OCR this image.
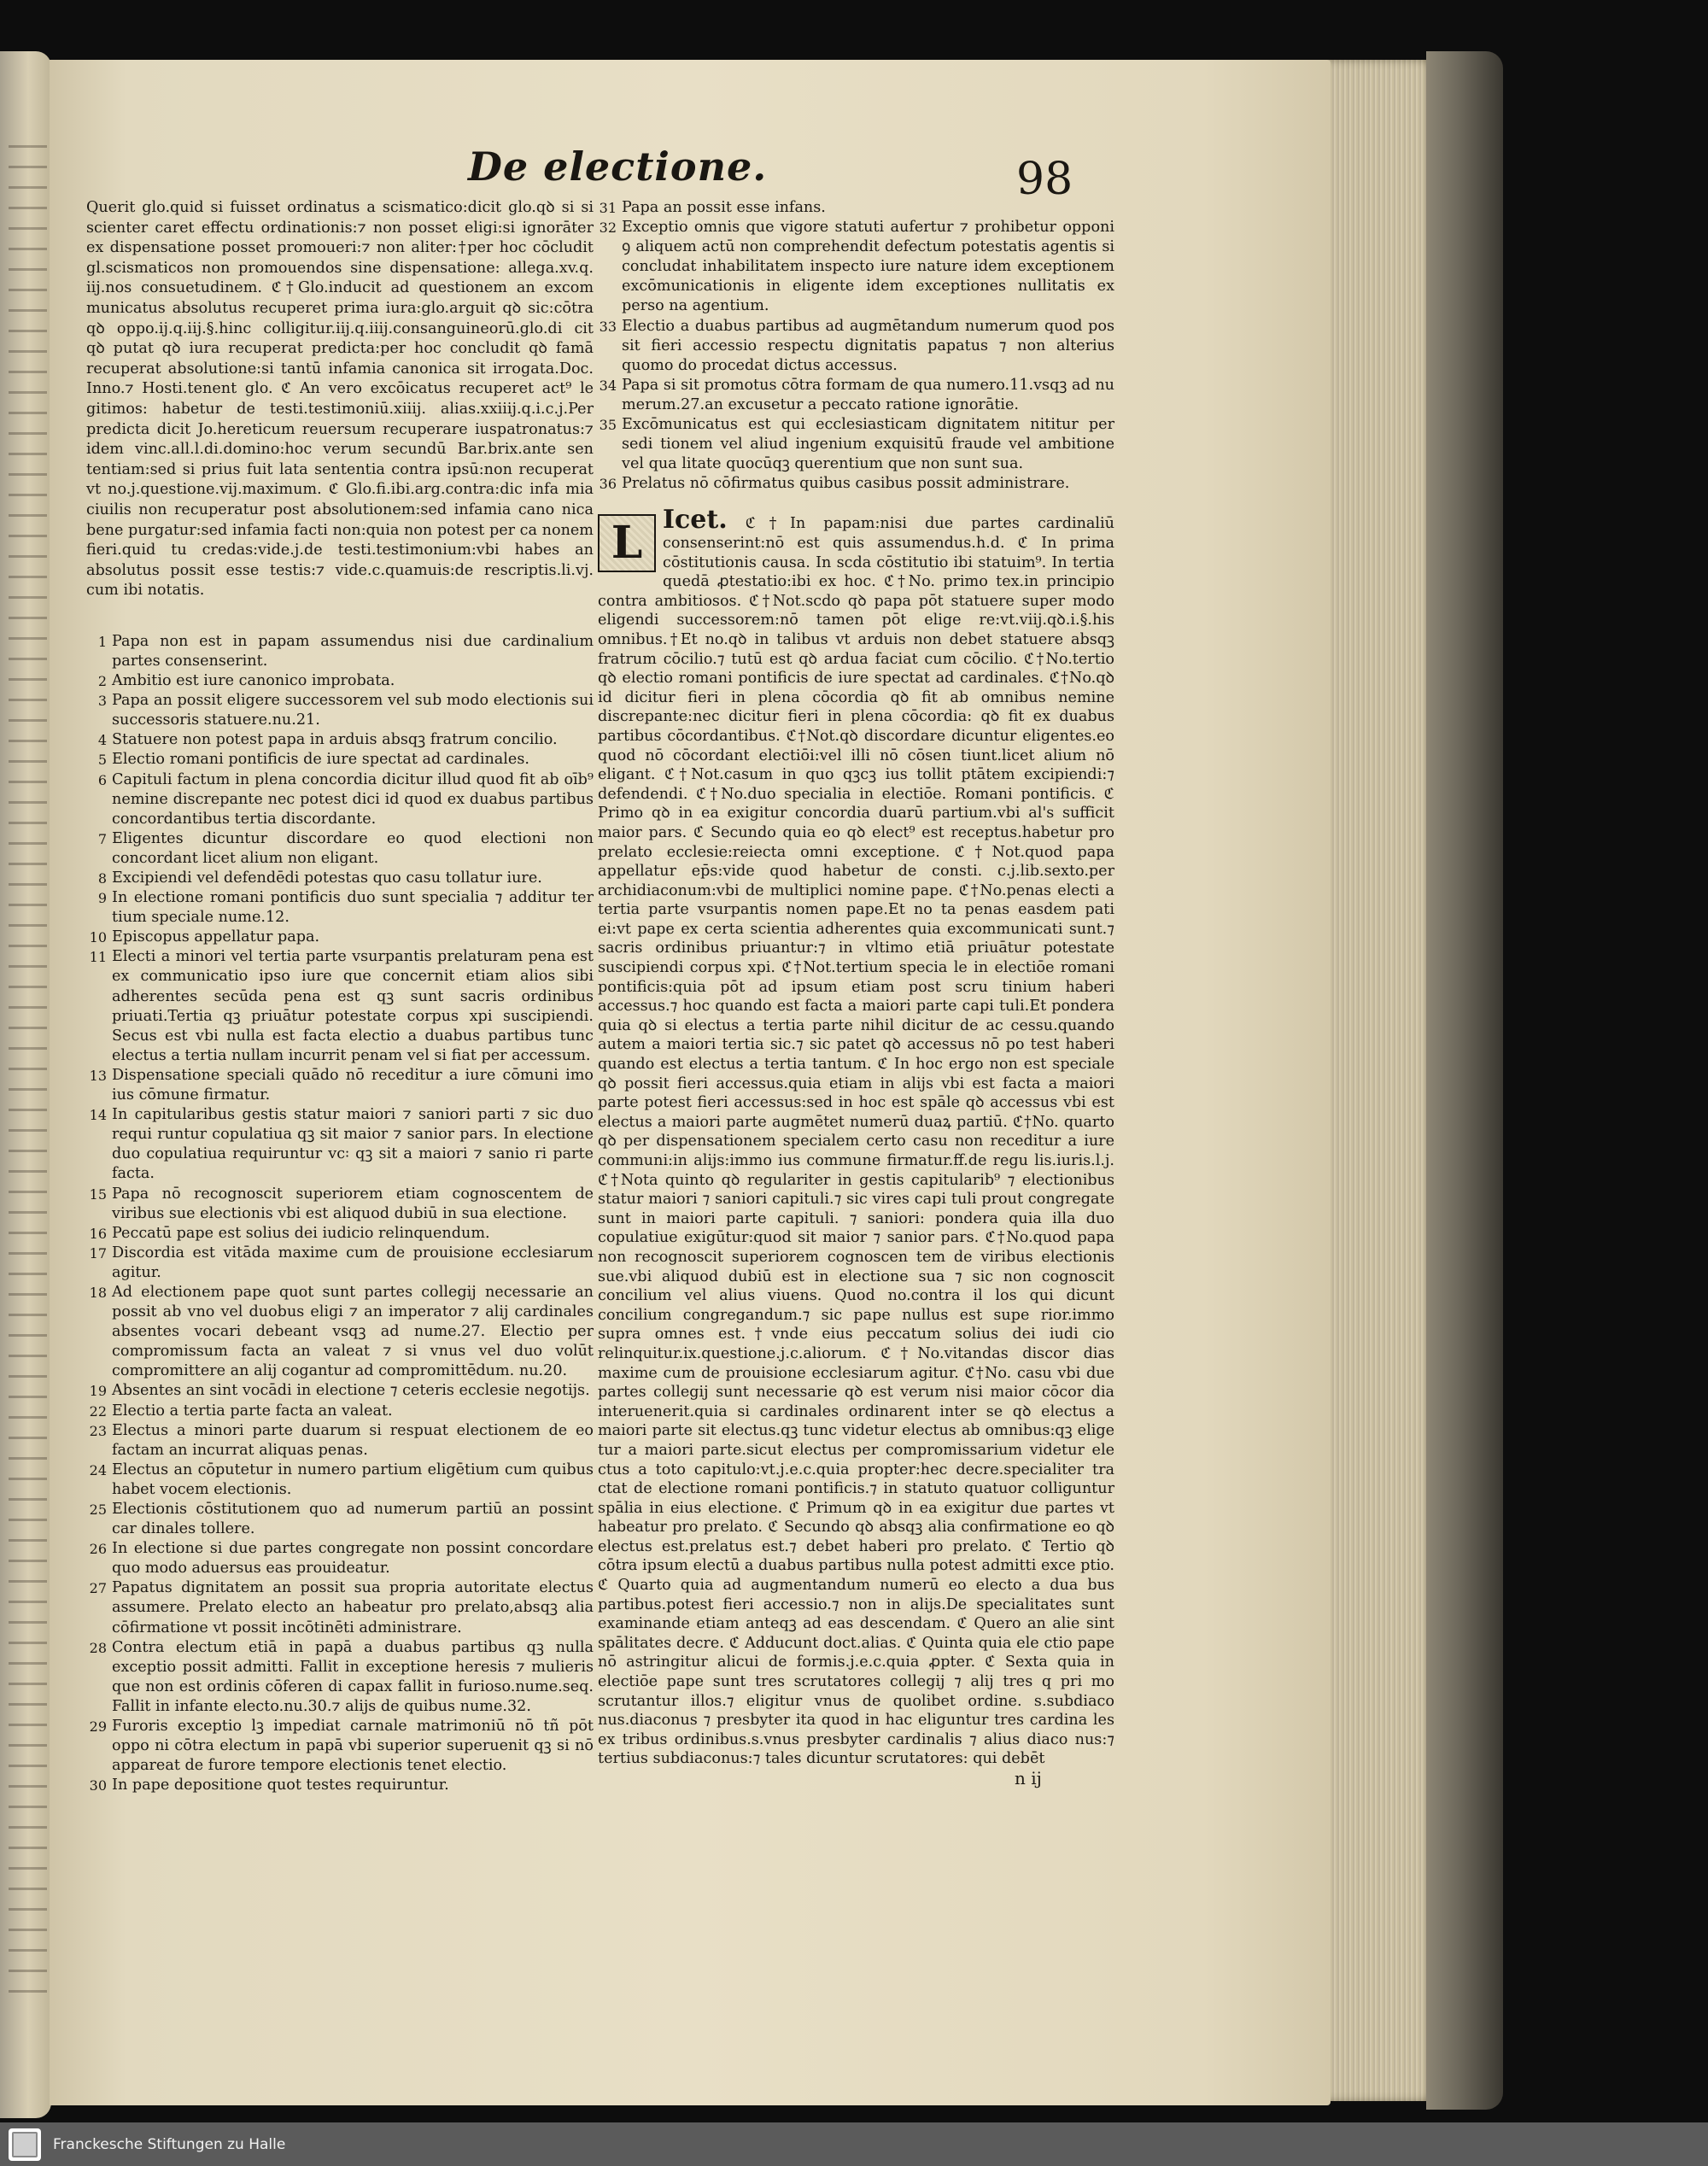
De electione.	98

Querit glo.quid si fuisset ordinatus a scismatico:dicit glo.qꝺ si si scienter caret effectu ordinationis:⁊ non posset eligi:si ignorāter ex dispensatione posset promoueri:⁊ non aliter:†per hoc cōcludit gl.scismaticos non promouendos sine dispensatione: allega.xv.q. iij.nos consuetudinem. ℭ†Glo.inducit ad questionem an excom municatus absolutus recuperet prima iura:glo.arguit qꝺ sic:cōtra qꝺ oppo.ij.q.iij.§.hinc colligitur.iij.q.iiij.consanguineorū.glo.di cit qꝺ putat qꝺ iura recuperat predicta:per hoc concludit qꝺ famā recuperat absolutione:si tantū infamia canonica sit irrogata.Doc. Inno.⁊ Hosti.tenent glo. ℭ An vero excōicatus recuperet act⁹ le gitimos: habetur de testi.testimoniū.xiiij. alias.xxiiij.q.i.c.j.Per predicta dicit Jo.hereticum reuersum recuperare iuspatronatus:⁊ idem vinc.all.l.di.domino:hoc verum secundū Bar.brix.ante sen tentiam:sed si prius fuit lata sententia contra ipsū:non recuperat vt no.j.questione.vij.maximum. ℭ Glo.fi.ibi.arg.contra:dic infa mia ciuilis non recuperatur post absolutionem:sed infamia cano nica bene purgatur:sed infamia facti non:quia non potest per ca nonem fieri.quid tu credas:vide.j.de testi.testimonium:vbi habes an absolutus possit esse testis:⁊ vide.c.quamuis:de rescriptis.li.vj. cum ibi notatis.

1 Papa non est in papam assumendus nisi due cardinalium partes consenserint.
2 Ambitio est iure canonico improbata.
3 Papa an possit eligere successorem vel sub modo electionis sui successoris statuere.nu.21.
4 Statuere non potest papa in arduis absqꝫ fratrum concilio.
5 Electio romani pontificis de iure spectat ad cardinales.
6 Capituli factum in plena concordia dicitur illud quod fit ab oīb⁹ nemine discrepante nec potest dici id quod ex duabus partibus concordantibus tertia discordante.
7 Eligentes dicuntur discordare eo quod electioni non concordant licet alium non eligant.
8 Excipiendi vel defendēdi potestas quo casu tollatur iure.
9 In electione romani pontificis duo sunt specialia ⁊ additur ter tium speciale nume.12.
10 Episcopus appellatur papa.
11 Electi a minori vel tertia parte vsurpantis prelaturam pena est ex communicatio ipso iure que concernit etiam alios sibi adherentes secūda pena est qꝫ sunt sacris ordinibus priuati.Tertia qꝫ priuātur potestate corpus xpi suscipiendi. Secus est vbi nulla est facta electio a duabus partibus tunc electus a tertia nullam incurrit penam vel si fiat per accessum.
13 Dispensatione speciali quādo nō receditur a iure cōmuni imo ius cōmune firmatur.
14 In capitularibus gestis statur maiori ⁊ saniori parti ⁊ sic duo requi runtur copulatiua qꝫ sit maior ⁊ sanior pars. In electione duo copulatiua requiruntur vc꞉ qꝫ sit a maiori ⁊ sanio ri parte facta.
15 Papa nō recognoscit superiorem etiam cognoscentem de viribus sue electionis vbi est aliquod dubiū in sua electione.
16 Peccatū pape est solius dei iudicio relinquendum.
17 Discordia est vitāda maxime cum de prouisione ecclesiarum agitur.
18 Ad electionem pape quot sunt partes collegij necessarie an possit ab vno vel duobus eligi ⁊ an imperator ⁊ alij cardinales absentes vocari debeant vsqꝫ ad nume.27. Electio per compromissum facta an valeat ⁊ si vnus vel duo volūt compromittere an alij cogantur ad compromittēdum. nu.20.
19 Absentes an sint vocādi in electione ⁊ ceteris ecclesie negotijs.
22 Electio a tertia parte facta an valeat.
23 Electus a minori parte duarum si respuat electionem de eo factam an incurrat aliquas penas.
24 Electus an cōputetur in numero partium eligētium cum quibus habet vocem electionis.
25 Electionis cōstitutionem quo ad numerum partiū an possint car dinales tollere.
26 In electione si due partes congregate non possint concordare quo modo aduersus eas prouideatur.
27 Papatus dignitatem an possit sua propria autoritate electus assumere. Prelato electo an habeatur pro prelato,absqꝫ alia cōfirmatione vt possit incōtinēti administrare.
28 Contra electum etiā in papā a duabus partibus qꝫ nulla exceptio possit admitti. Fallit in exceptione heresis ⁊ mulieris que non est ordinis cōferen di capax fallit in furioso.nume.seq. Fallit in infante electo.nu.30.⁊ alijs de quibus nume.32.
29 Furoris exceptio lꝫ impediat carnale matrimoniū nō tñ pōt oppo ni cōtra electum in papā vbi superior superuenit qꝫ si nō appareat de furore tempore electionis tenet electio.
30 In pape depositione quot testes requiruntur.
31 Papa an possit esse infans.
32 Exceptio omnis que vigore statuti aufertur ⁊ prohibetur opponi ꝯ aliquem actū non comprehendit defectum potestatis agentis si concludat inhabilitatem inspecto iure nature idem exceptionem excōmunicationis in eligente idem exceptiones nullitatis ex perso na agentium.
33 Electio a duabus partibus ad augmētandum numerum quod pos sit fieri accessio respectu dignitatis papatus ⁊ non alterius quomo do procedat dictus accessus.
34 Papa si sit promotus cōtra formam de qua numero.11.vsqꝫ ad nu merum.27.an excusetur a peccato ratione ignorātie.
35 Excōmunicatus est qui ecclesiasticam dignitatem nititur per sedi tionem vel aliud ingenium exquisitū fraude vel ambitione vel qua litate quocūqꝫ querentium que non sunt sua.
36 Prelatus nō cōfirmatus quibus casibus possit administrare.
L Icet. ℭ†In papam:nisi due partes cardinaliū consenserint:nō est quis assumendus.h.d. ℭ In prima cōstitutionis causa. In scda cōstitutio ibi statuim⁹. In tertia quedā ꝓtestatio:ibi ex hoc. ℭ†No. primo tex.in principio contra ambitiosos. ℭ†Not.scdo qꝺ papa pōt statuere super modo eligendi successorem:nō tamen pōt elige re:vt.viij.qꝺ.i.§.his omnibus.†Et no.qꝺ in talibus vt arduis non debet statuere absqꝫ fratrum cōcilio.⁊ tutū est qꝺ ardua faciat cum cōcilio. ℭ†No.tertio qꝺ electio romani pontificis de iure spectat ad cardinales. ℭ†No.qꝺ id dicitur fieri in plena cōcordia qꝺ fit ab omnibus nemine discrepante:nec dicitur fieri in plena cōcordia: qꝺ fit ex duabus partibus cōcordantibus. ℭ†Not.qꝺ discordare dicuntur eligentes.eo quod nō cōcordant electiōi:vel illi nō cōsen tiunt.licet alium nō eligant. ℭ†Not.casum in quo qꝫcꝫ ius tollit ptātem excipiendi:⁊ defendendi. ℭ†No.duo specialia in electiōe. Romani pontificis. ℭ Primo qꝺ in ea exigitur concordia duarū partium.vbi al's sufficit maior pars. ℭ Secundo quia eo qꝺ elect⁹ est receptus.habetur pro prelato ecclesie:reiecta omni exceptione. ℭ†Not.quod papa appellatur ep̄s:vide quod habetur de consti. c.j.lib.sexto.per archidiaconum:vbi de multiplici nomine pape. ℭ†No.penas electi a tertia parte vsurpantis nomen pape.Et no ta penas easdem pati ei:vt pape ex certa scientia adherentes quia excommunicati sunt.⁊ sacris ordinibus priuantur:⁊ in vltimo etiā priuātur potestate suscipiendi corpus xpi. ℭ†Not.tertium specia le in electiōe romani pontificis:quia pōt ad ipsum etiam post scru tinium haberi accessus.⁊ hoc quando est facta a maiori parte capi tuli.Et pondera quia qꝺ si electus a tertia parte nihil dicitur de ac cessu.quando autem a maiori tertia sic.⁊ sic patet qꝺ accessus nō po test haberi quando est electus a tertia tantum. ℭ In hoc ergo non est speciale qꝺ possit fieri accessus.quia etiam in alijs vbi est facta a maiori parte potest fieri accessus:sed in hoc est spāle qꝺ accessus vbi est electus a maiori parte augmētet numerū duaꝝ partiū. ℭ†No. quarto qꝺ per dispensationem specialem certo casu non receditur a iure communi:in alijs:immo ius commune firmatur.ff.de regu lis.iuris.l.j. ℭ†Nota quinto qꝺ regulariter in gestis capitularib⁹ ⁊ electionibus statur maiori ⁊ saniori capituli.⁊ sic vires capi tuli prout congregate sunt in maiori parte capituli. ⁊ saniori: pondera quia illa duo copulatiue exigūtur:quod sit maior ⁊ sanior pars. ℭ†No.quod papa non recognoscit superiorem cognoscen tem de viribus electionis sue.vbi aliquod dubiū est in electione sua ⁊ sic non cognoscit concilium vel alius viuens. Quod no.contra il los qui dicunt concilium congregandum.⁊ sic pape nullus est supe rior.immo supra omnes est.†vnde eius peccatum solius dei iudi cio relinquitur.ix.questione.j.c.aliorum. ℭ†No.vitandas discor dias maxime cum de prouisione ecclesiarum agitur. ℭ†No. casu vbi due partes collegij sunt necessarie qꝺ est verum nisi maior cōcor dia interuenerit.quia si cardinales ordinarent inter se qꝺ electus a maiori parte sit electus.qꝫ tunc videtur electus ab omnibus:qꝫ elige tur a maiori parte.sicut electus per compromissarium videtur ele ctus a toto capitulo:vt.j.e.c.quia propter:hec decre.specialiter tra ctat de electione romani pontificis.⁊ in statuto quatuor colliguntur spālia in eius electione. ℭ Primum qꝺ in ea exigitur due partes vt habeatur pro prelato. ℭ Secundo qꝺ absqꝫ alia confirmatione eo qꝺ electus est.prelatus est.⁊ debet haberi pro prelato. ℭ Tertio qꝺ cōtra ipsum electū a duabus partibus nulla potest admitti exce ptio. ℭ Quarto quia ad augmentandum numerū eo electo a dua bus partibus.potest fieri accessio.⁊ non in alijs.De specialitates sunt examinande etiam anteqꝫ ad eas descendam. ℭ Quero an alie sint spālitates decre. ℭ Adducunt doct.alias. ℭ Quinta quia ele ctio pape nō astringitur alicui de formis.j.e.c.quia ꝓpter. ℭ Sexta quia in electiōe pape sunt tres scrutatores collegij ⁊ alij tres q pri mo scrutantur illos.⁊ eligitur vnus de quolibet ordine. s.subdiaco nus.diaconus ⁊ presbyter ita quod in hac eliguntur tres cardina les ex tribus ordinibus.s.vnus presbyter cardinalis ⁊ alius diaco nus:⁊ tertius subdiaconus:⁊ tales dicuntur scrutatores: qui debēt
n ij
Franckesche Stiftungen zu Halle
